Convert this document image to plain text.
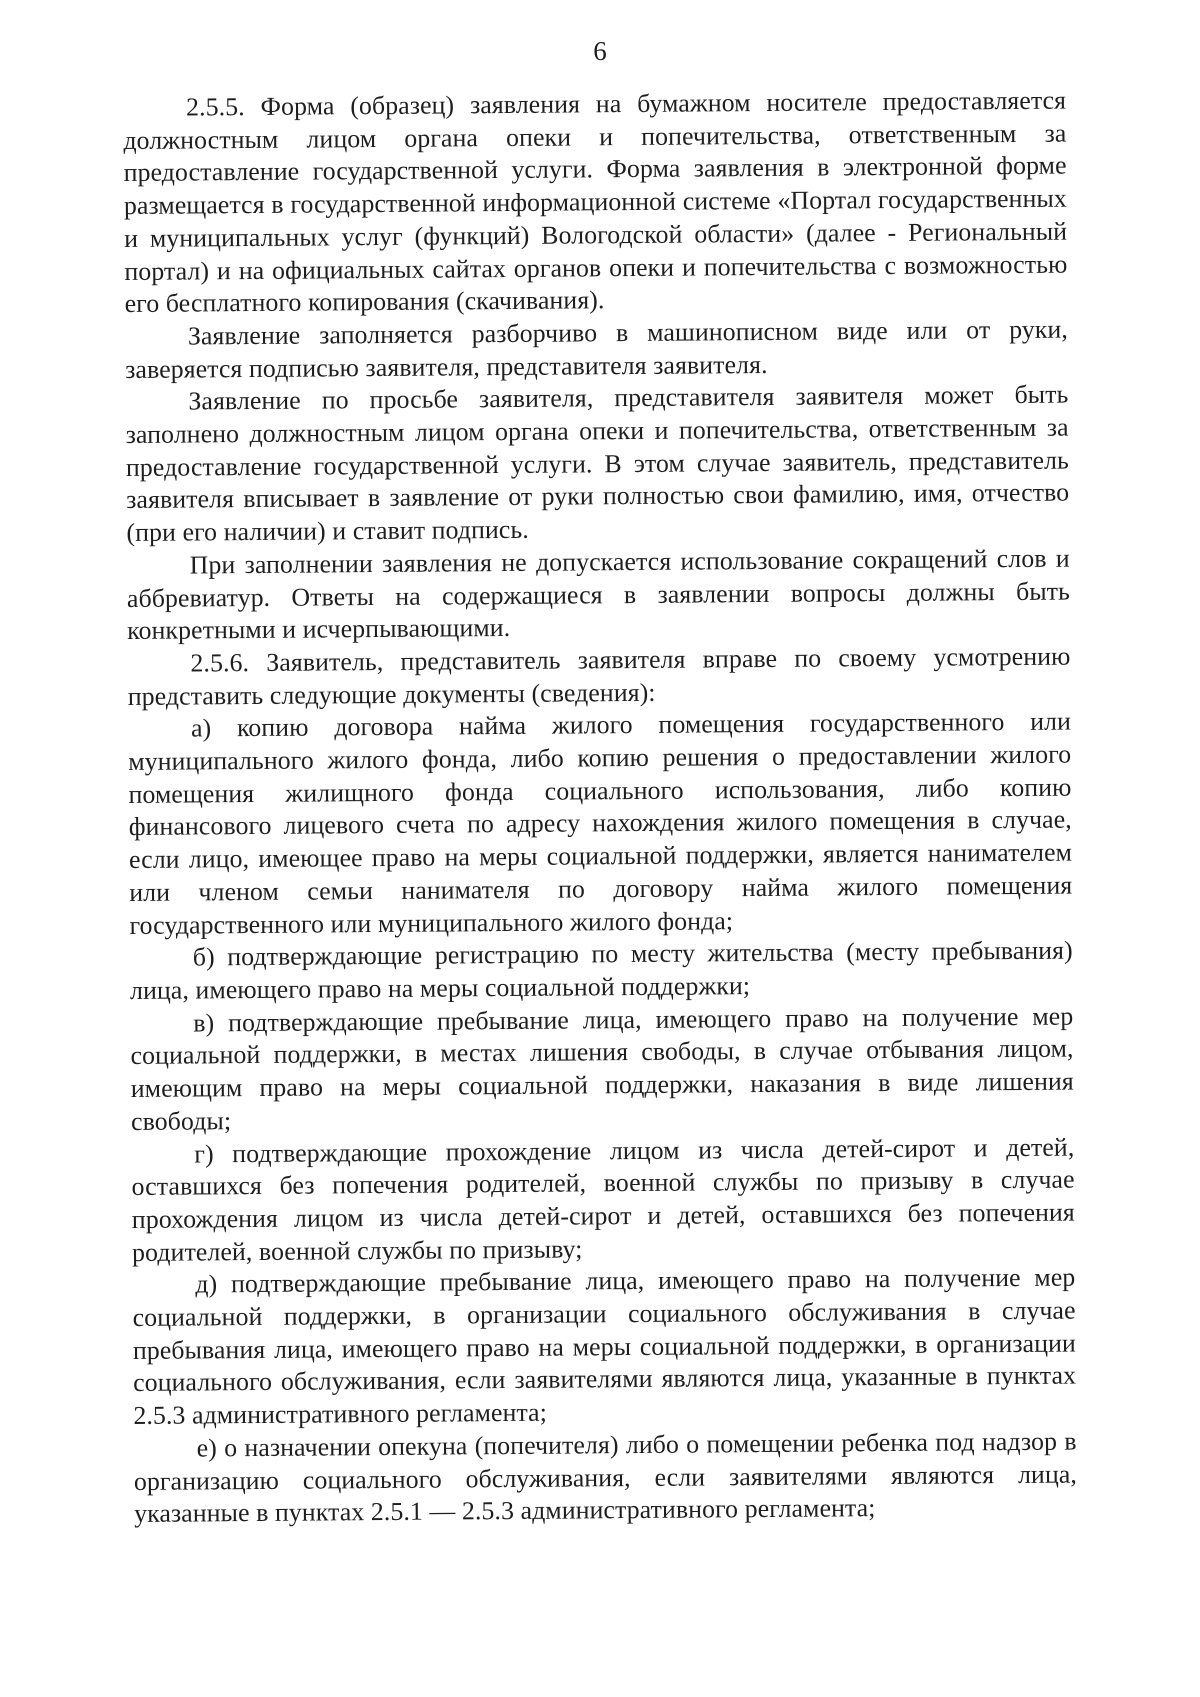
6

2.5.5. Форма (образец) заявления на бумажном носителе предоставляется должностным лицом органа опеки и попечительства, ответственным за предоставление государственной услуги. Форма заявления в электронной форме размещается в государственной информационной системе «Портал государственных и муниципальных услуг (функций) Вологодской области» (далее - Региональный портал) и на официальных сайтах органов опеки и попечительства с возможностью его бесплатного копирования (скачивания).

Заявление заполняется разборчиво в машинописном виде или от руки, заверяется подписью заявителя, представителя заявителя.

Заявление по просьбе заявителя, представителя заявителя может быть заполнено должностным лицом органа опеки и попечительства, ответственным за предоставление государственной услуги. В этом случае заявитель, представитель заявителя вписывает в заявление от руки полностью свои фамилию, имя, отчество (при его наличии) и ставит подпись.

При заполнении заявления не допускается использование сокращений слов и аббревиатур. Ответы на содержащиеся в заявлении вопросы должны быть конкретными и исчерпывающими.

2.5.6. Заявитель, представитель заявителя вправе по своему усмотрению представить следующие документы (сведения):

а) копию договора найма жилого помещения государственного или муниципального жилого фонда, либо копию решения о предоставлении жилого помещения жилищного фонда социального использования, либо копию финансового лицевого счета по адресу нахождения жилого помещения в случае, если лицо, имеющее право на меры социальной поддержки, является нанимателем или членом семьи нанимателя по договору найма жилого помещения государственного или муниципального жилого фонда;

б) подтверждающие регистрацию по месту жительства (месту пребывания) лица, имеющего право на меры социальной поддержки;

в) подтверждающие пребывание лица, имеющего право на получение мер социальной поддержки, в местах лишения свободы, в случае отбывания лицом, имеющим право на меры социальной поддержки, наказания в виде лишения свободы;

г) подтверждающие прохождение лицом из числа детей-сирот и детей, оставшихся без попечения родителей, военной службы по призыву в случае прохождения лицом из числа детей-сирот и детей, оставшихся без попечения родителей, военной службы по призыву;

д) подтверждающие пребывание лица, имеющего право на получение мер социальной поддержки, в организации социального обслуживания в случае пребывания лица, имеющего право на меры социальной поддержки, в организации социального обслуживания, если заявителями являются лица, указанные в пунктах 2.5.3 административного регламента;

е) о назначении опекуна (попечителя) либо о помещении ребенка под надзор в организацию социального обслуживания, если заявителями являются лица, указанные в пунктах 2.5.1 — 2.5.3 административного регламента;
